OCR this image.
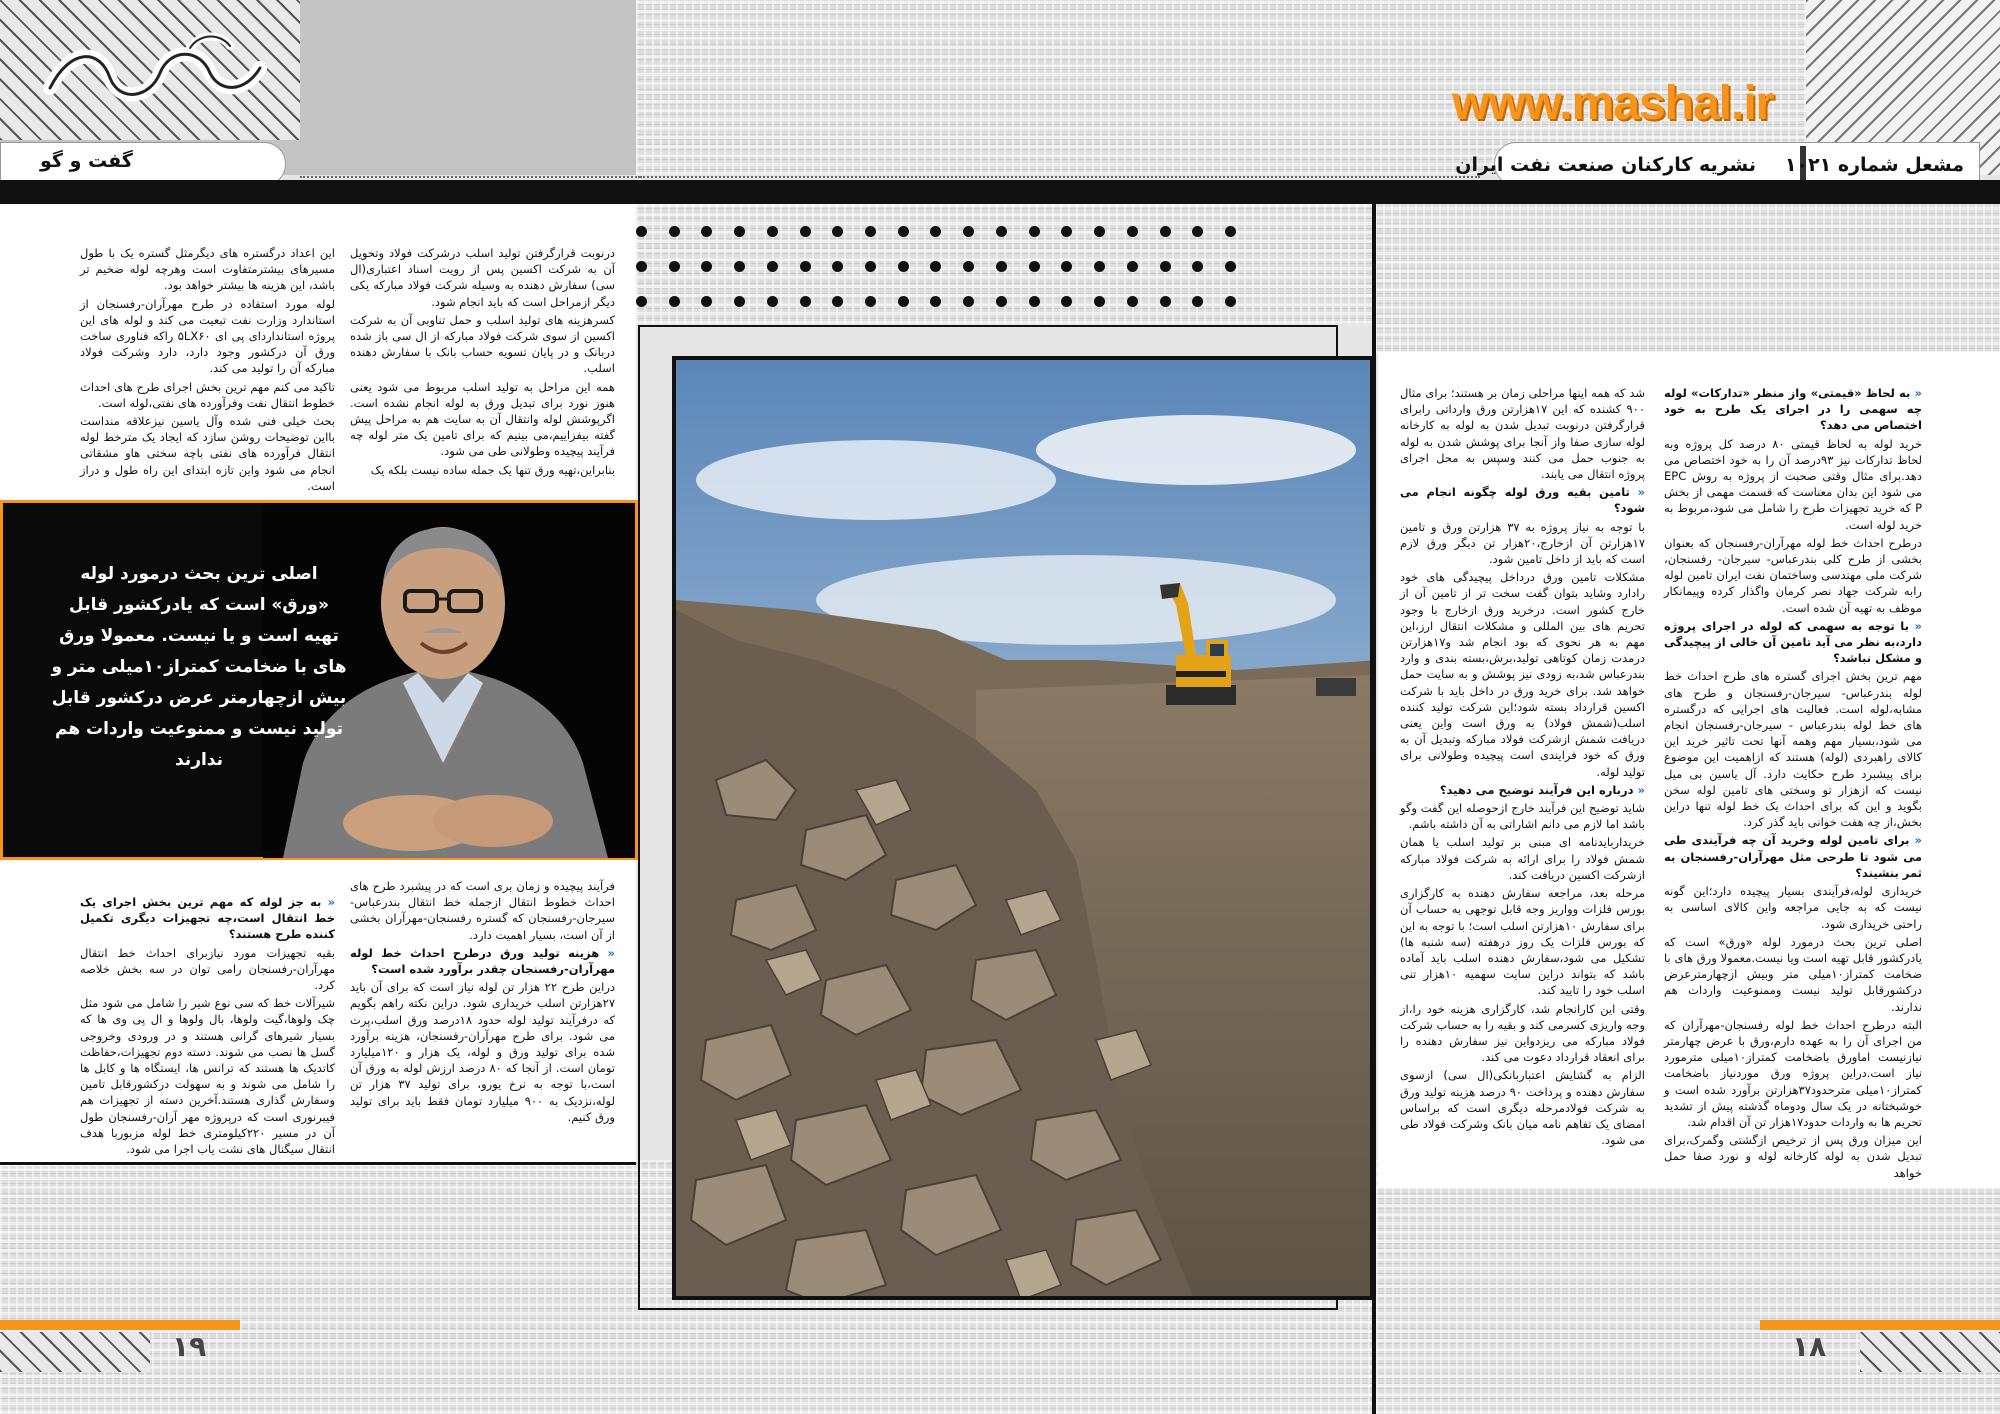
www.mashal.ir
گفت و گو	مشعل شماره ۱۰۲۱
نشریه کارکنان صنعت نفت ایران
اصلی ترین بحث درمورد لوله «ورق» است که یادرکشور قابل تهیه است و یا نیست. معمولا ورق های با ضخامت کمتراز۱۰میلی متر و بیش ازچهارمتر عرض درکشور قابل تولید نیست و ممنوعیت واردات هم ندارند

« به لحاظ «قیمتی» واز منظر «تدارکات» لوله چه سهمی را در اجرای یک طرح به خود اختصاص می دهد؟

خرید لوله به لحاظ قیمتی ۸۰ درصد کل پروژه وبه لحاظ تدارکات نیز ۹۳درصد آن را به خود اختصاص می دهد.برای مثال وقتی صحبت از پروژه به روش EPC می شود این بدان معناست که قسمت مهمی از بخش P که خرید تجهیزات طرح را شامل می شود،مربوط به خرید لوله است.

درطرح احداث خط لوله مهرآران-رفسنجان که بعنوان بخشی از طرح کلی بندرعباس- سیرجان- رفسنجان، شرکت ملی مهندسی وساختمان نفت ایران تامین لوله رابه شرکت جهاد نصر کرمان واگذار کرده وپیمانکار موظف به تهیه آن شده است.

« با توجه به سهمی که لوله در اجرای پروژه دارد،به نظر می آید تامین آن خالی از پیچیدگی و مشکل نباشد؟

مهم ترین بخش اجرای گستره های طرح احداث خط لوله بندرعباس- سیرجان-رفسنجان و طرح های مشابه،لوله است. فعالیت های اجرایی که درگستره های خط لوله بندرعباس - سیرجان-رفسنجان انجام می شود،بسیار مهم وهمه آنها تحت تاثیر خرید این کالای راهبردی (لوله) هستند که ازاهمیت این موضوع برای پیشبرد طرح حکایت دارد. آل یاسین بی میل نیست که ازهزار تو وسختی های تامین لوله سخن بگوید و این که برای احداث یک خط لوله تنها دراین بخش،از چه هفت خوانی باید گذر کرد.

« برای تامین لوله وخرید آن چه فرآیندی طی می شود تا طرحی مثل مهرآران-رفسنجان به ثمر بنشیند؟

خریداری لوله،فرآیندی بسیار پیچیده دارد؛این گونه نیست که به جایی مراجعه واین کالای اساسی به راحتی خریداری شود.

اصلی ترین بحث درمورد لوله «ورق» است که یادرکشور قابل تهیه است ویا نیست.معمولا ورق های با ضخامت کمتراز۱۰میلی متر وبیش ازچهارمترعرض درکشورقابل تولید نیست وممنوعیت واردات هم ندارند.

البته درطرح احداث خط لوله رفسنجان-مهرآران که من اجرای آن را به عهده دارم،ورق با عرض چهارمتر نیازنیست اماورق باضخامت کمتراز۱۰میلی مترمورد نیاز است.دراین پروژه ورق موردنیاز باضخامت کمتراز۱۰میلی مترحدود۳۷هزارتن برآورد شده است و خوشبختانه در یک سال ودوماه گذشته پیش از تشدید تحریم ها به واردات حدود۱۷هزار تن آن اقدام شد.

این میزان ورق پس از ترخیص ازگشتی وگمرک،برای تبدیل شدن به لوله کارخانه لوله و نورد صفا حمل خواهد

شد که همه اینها مراحلی زمان بر هستند؛ برای مثال ۹۰۰ کشنده که این ۱۷هزارتن ورق وارداتی رابرای قرارگرفتن درنوبت تبدیل شدن به لوله به کارخانه لوله سازی صفا واز آنجا برای پوشش شدن به لوله به جنوب حمل می کنند وسپس به محل اجرای پروژه انتقال می یابند.

« تامین بقیه ورق لوله چگونه انجام می شود؟

با توجه به نیاز پروژه به ۳۷ هزارتن ورق و تامین ۱۷هزارتن آن ازخارج،۲۰هزار تن دیگر ورق لازم است که باید از داخل تامین شود.

مشکلات تامین ورق درداخل پیچیدگی های خود رادارد وشاید بتوان گفت سخت تر از تامین آن از خارج کشور است. درخرید ورق ازخارج با وجود تحریم های بین المللی و مشکلات انتقال ارز،این مهم به هر نحوی که بود انجام شد و۱۷هزارتن درمدت زمان کوتاهی تولید،برش،بسته بندی و وارد بندرعباس شد،به زودی نیز پوشش و به سایت حمل خواهد شد. برای خرید ورق در داخل باید با شرکت اکسین قرارداد بسته شود؛این شرکت تولید کننده اسلب(شمش فولاد) به ورق است واین یعنی دریافت شمش ازشرکت فولاد مبارکه وتبدیل آن به ورق که خود فرایندی است پیچیده وطولانی برای تولید لوله.

« درباره این فرآیند توضیح می دهید؟

شاید توضیح این فرآیند خارج ازحوصله این گفت وگو باشد اما لازم می دانم اشاراتی به آن داشته باشم.

خریداربایدنامه ای مبنی بر تولید اسلب یا همان شمش فولاد را برای ارائه به شرکت فولاد مبارکه ازشرکت اکسین دریافت کند.

مرحله بعد، مراجعه سفارش دهنده به کارگزاری بورس فلزات وواریز وجه قابل توجهی به حساب آن برای سفارش ۱۰هزارتن اسلب است؛ با توجه به این که بورس فلزات یک روز درهفته (سه شنبه ها) تشکیل می شود،سفارش دهنده اسلب باید آماده باشد که بتواند دراین سایت سهمیه ۱۰هزار تنی اسلب خود را تایید کند.

وقتی این کارانجام شد، کارگزاری هزینه خود را،از وجه واریزی کسرمی کند و بقیه را به حساب شرکت فولاد مبارکه می ریزدواین نیز سفارش دهنده را برای انعقاد قرارداد دعوت می کند.

الزام به گشایش اعتباربانکی(ال سی) ازسوی سفارش دهنده و پرداخت ۹۰ درصد هزینه تولید ورق به شرکت فولادمرحله دیگری است که براساس امضای یک تفاهم نامه میان بانک وشرکت فولاد طی می شود.

درنوبت قرارگرفتن تولید اسلب درشرکت فولاد وتحویل آن به شرکت اکسین پس از رویت اسناد اعتباری(ال سی) سفارش دهنده به وسیله شرکت فولاد مبارکه یکی دیگر ازمراحل است که باید انجام شود.

کسرهزینه های تولید اسلب و حمل تناوبی آن به شرکت اکسین از سوی شرکت فولاد مبارکه از ال سی باز شده دربانک و در پایان تسویه حساب بانک با سفارش دهنده اسلب.

همه این مراحل به تولید اسلب مربوط می شود یعنی هنوز نورد برای تبدیل ورق به لوله انجام نشده است. اگرپوشش لوله وانتقال آن به سایت هم به مراحل پیش گفته بیفزاییم،می بینیم که برای تامین یک متر لوله چه فرآیند پیچیده وطولانی طی می شود.

بنابراین،تهیه ورق تنها یک جمله ساده نیست بلکه یک

این اعداد درگستره های دیگرمثل گستره یک با طول مسیرهای بیشترمتفاوت است وهرچه لوله ضخیم تر باشد، این هزینه ها بیشتر خواهد بود.

لوله مورد استفاده در طرح مهرآران-رفسنجان از استاندارد وزارت نفت تبعیت می کند و لوله های این پروژه استانداردای پی ای ۵LX۶۰ راکه فناوری ساخت ورق آن درکشور وجود دارد، دارد وشرکت فولاد مبارکه آن را تولید می کند.

تاکید می کنم مهم ترین بخش اجرای طرح های احداث خطوط انتقال نفت وفرآورده های نفتی،لوله است.

بحث خیلی فنی شده وآل یاسین نیزعلاقه منداست بااین توضیحات روشن سازد که ایجاد یک مترخط لوله انتقال فرآورده های نفتی باچه سختی هاو مشقاتی انجام می شود واین تازه ابتدای این راه طول و دراز است.

فرآیند پیچیده و زمان بری است که در پیشبرد طرح های احداث خطوط انتقال ازجمله خط انتقال بندرعباس- سیرجان-رفسنجان که گستره رفسنجان-مهرآران بخشی از آن است، بسیار اهمیت دارد.

« هزینه تولید ورق درطرح احداث خط لوله مهرآران-رفسنجان چقدر برآورد شده است؟

دراین طرح ۲۲ هزار تن لوله نیاز است که برای آن باید ۲۷هزارتن اسلب خریداری شود. دراین نکته راهم بگویم که درفرآیند تولید لوله حدود ۱۸درصد ورق اسلب،پرت می شود. برای طرح مهرآران-رفسنجان، هزینه برآورد شده برای تولید ورق و لوله، یک هزار و ۱۲۰میلیارد تومان است. از آنجا که ۸۰ درصد ارزش لوله به ورق آن است،با توجه به نرخ یورو، برای تولید ۳۷ هزار تن لوله،نزدیک به ۹۰۰ میلیارد تومان فقط باید برای تولید ورق کنیم.

« به جز لوله که مهم ترین بخش اجرای یک خط انتقال است،چه تجهیزات دیگری تکمیل کننده طرح هستند؟

بقیه تجهیزات مورد نیازبرای احداث خط انتقال مهرآران-رفسنجان رامی توان در سه بخش خلاصه کرد.

شیرآلات خط که سی نوع شیر را شامل می شود مثل چک ولوها،گیت ولوها، بال ولوها و ال پی وی ها که بسیار شیرهای گرانی هستند و در ورودی وخروجی گسل ها نصب می شوند. دسته دوم تجهیزات،حفاظت کاتدیک ها هستند که ترانس ها، ایستگاه ها و کابل ها را شامل می شوند و به سهولت درکشورقابل تامین وسفارش گذاری هستند.آخرین دسته از تجهیزات هم فیبرنوری است که درپروژه مهر آران-رفسنجان طول آن در مسیر ۲۲۰کیلومتری خط لوله مزبوربا هدف انتقال سیگنال های نشت یاب اجرا می شود.

۱۹	۱۸
